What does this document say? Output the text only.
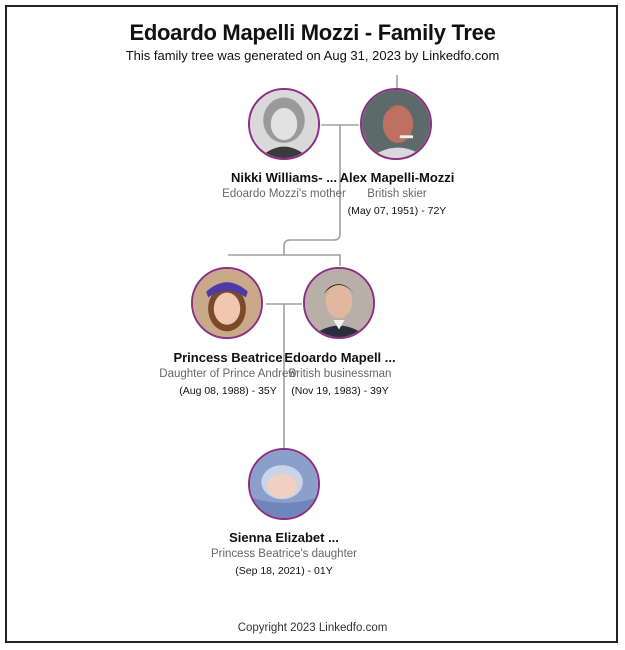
Edoardo Mapelli Mozzi - Family Tree
This family tree was generated on Aug 31, 2023 by Linkedfo.com
Nikki Williams- ...
Edoardo Mozzi's mother
Alex Mapelli-Mozzi
British skier
(May 07, 1951) - 72Y
Princess Beatrice
Daughter of Prince Andrew
(Aug 08, 1988) - 35Y
Edoardo Mapell ...
British businessman
(Nov 19, 1983) - 39Y
Sienna Elizabet ...
Princess Beatrice's daughter
(Sep 18, 2021) - 01Y
Copyright 2023 Linkedfo.com
